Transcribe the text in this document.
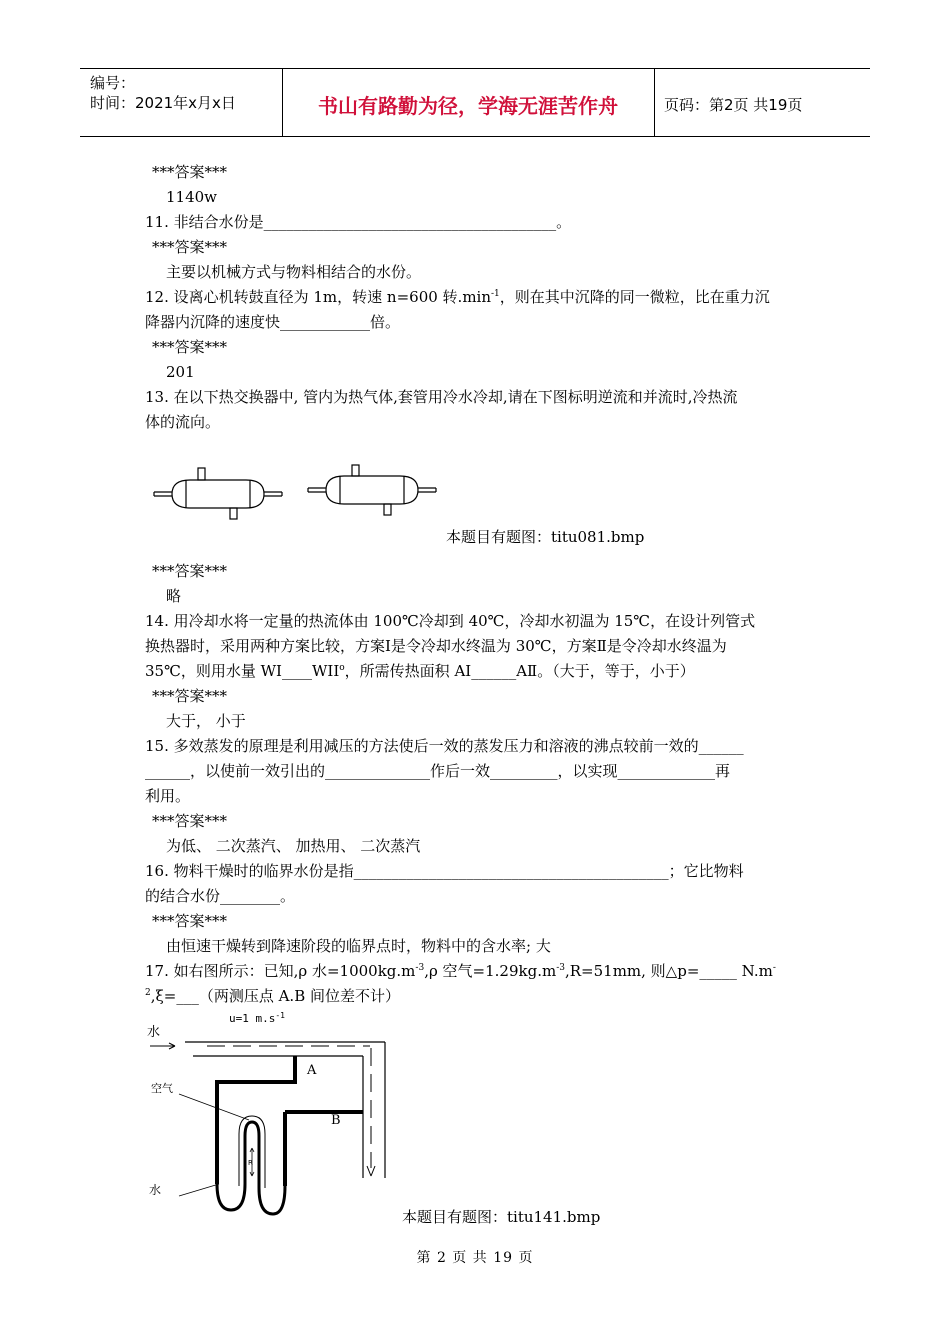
编号：
时间：2021年x月x日	书山有路勤为径，学海无涯苦作舟	页码：第2页 共19页
***答案***
1140w
11. 非结合水份是_______________________________________。
***答案***
主要以机械方式与物料相结合的水份。
12. 设离心机转鼓直径为 1m，转速 n=600 转$.\min^{-1}$，则在其中沉降的同一微粒，比在重力沉
降器内沉降的速度快____________倍。
***答案***
201
13. 在以下热交换器中, 管内为热气体,套管用冷水冷却,请在下图标明逆流和并流时,冷热流
体的流向。
本题目有题图：titu081.bmp
***答案***
略
14. 用冷却水将一定量的热流体由 100℃冷却到 40℃，冷却水初温为 15℃，在设计列管式
换热器时，采用两种方案比较，方案Ⅰ是令冷却水终温为 30℃，方案Ⅱ是令冷却水终温为
35℃，则用水量 WI____WII$^o$，所需传热面积 AI______AⅡ。（大于，等于，小于）
***答案***
大于， 小于
15. 多效蒸发的原理是利用减压的方法使后一效的蒸发压力和溶液的沸点较前一效的______
______，以使前一效引出的______________作后一效_________，以实现_____________再
利用。
***答案***
为低、 二次蒸汽、 加热用、 二次蒸汽
16. 物料干燥时的临界水份是指__________________________________________；它比物料
的结合水份________。
***答案***
由恒速干燥转到降速阶段的临界点时，物料中的含水率; 大
17. 如右图所示：已知,ρ 水$=1000kg.m^{-3},\rho$ 空气$=1.29kg.m^{-3},R=51mm$, 则△p=_____ N.m-
$^2$,ξ=___（两测压点 A.B 间位差不计）
水
u=1 $m.s^{-1}$
A
B
空气
R
水
本题目有题图：titu141.bmp
第 2 页 共 19 页
